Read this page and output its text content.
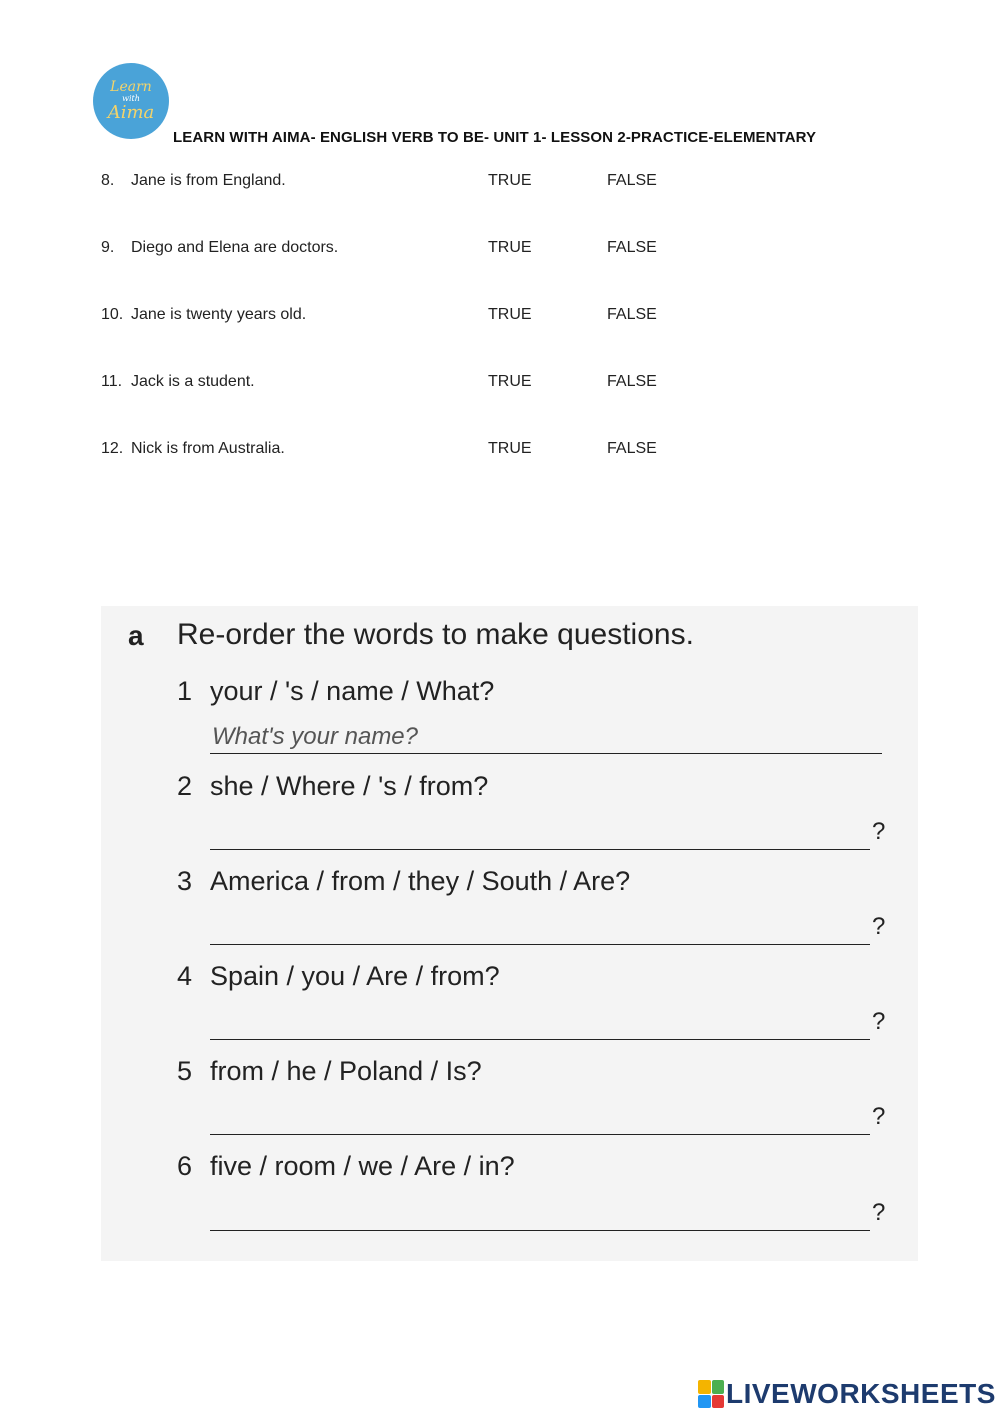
Learn
with
Aima
LEARN WITH AIMA- ENGLISH VERB TO BE- UNIT 1- LESSON 2-PRACTICE-ELEMENTARY
8. Jane is from England.	TRUE	FALSE
9. Diego and Elena are doctors.	TRUE	FALSE
10. Jane is twenty years old.	TRUE	FALSE
11. Jack is a student.	TRUE	FALSE
12. Nick is from Australia.	TRUE	FALSE
a Re-order the words to make questions.
1 your / 's / name / What?
What's your name?
2 she / Where / 's / from?
?
3 America / from / they / South / Are?
?
4 Spain / you / Are / from?
?
5 from / he / Poland / Is?
?
6 five / room / we / Are / in?
?
LIVEWORKSHEETS
